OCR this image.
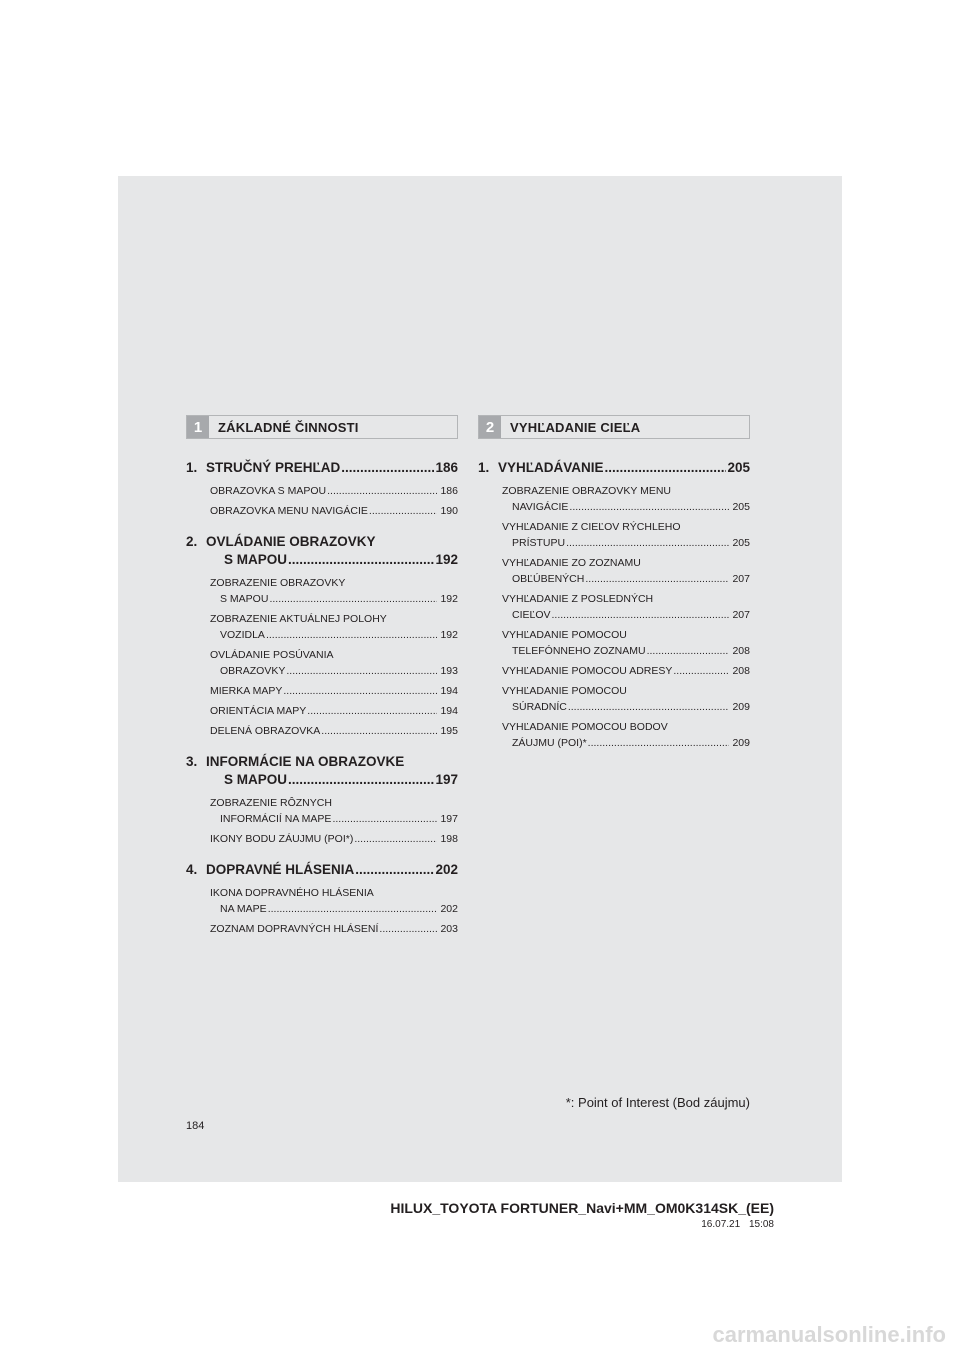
1	ZÁKLADNÉ ČINNOSTI
1. STRUČNÝ PREHĽAD .....	186
OBRAZOVKA S MAPOU .....	186
OBRAZOVKA MENU NAVIGÁCIE .....	190
2. OVLÁDANIE OBRAZOVKY
S MAPOU .....	192
ZOBRAZENIE OBRAZOVKY
S MAPOU .....	192
ZOBRAZENIE AKTUÁLNEJ POLOHY
VOZIDLA .....	192
OVLÁDANIE POSÚVANIA
OBRAZOVKY .....	193
MIERKA MAPY .....	194
ORIENTÁCIA MAPY .....	194
DELENÁ OBRAZOVKA .....	195
3. INFORMÁCIE NA OBRAZOVKE
S MAPOU .....	197
ZOBRAZENIE RÔZNYCH
INFORMÁCIÍ NA MAPE .....	197
IKONY BODU ZÁUJMU (POI*) .....	198
4. DOPRAVNÉ HLÁSENIA .....	202
IKONA DOPRAVNÉHO HLÁSENIA
NA MAPE .....	202
ZOZNAM DOPRAVNÝCH HLÁSENÍ .....	203
2	VYHĽADANIE CIEĽA
1. VYHĽADÁVANIE .....	205
ZOBRAZENIE OBRAZOVKY MENU
NAVIGÁCIE .....	205
VYHĽADANIE Z CIEĽOV RÝCHLEHO
PRÍSTUPU .....	205
VYHĽADANIE ZO ZOZNAMU
OBĽÚBENÝCH .....	207
VYHĽADANIE Z POSLEDNÝCH
CIEĽOV .....	207
VYHĽADANIE POMOCOU
TELEFÓNNEHO ZOZNAMU .....	208
VYHĽADANIE POMOCOU ADRESY .....	208
VYHĽADANIE POMOCOU
SÚRADNÍC .....	209
VYHĽADANIE POMOCOU BODOV
ZÁUJMU (POI)* .....	209
*: Point of Interest (Bod záujmu)
184
HILUX_TOYOTA FORTUNER_Navi+MM_OM0K314SK_(EE)
16.07.21 15:08
carmanualsonline.info
